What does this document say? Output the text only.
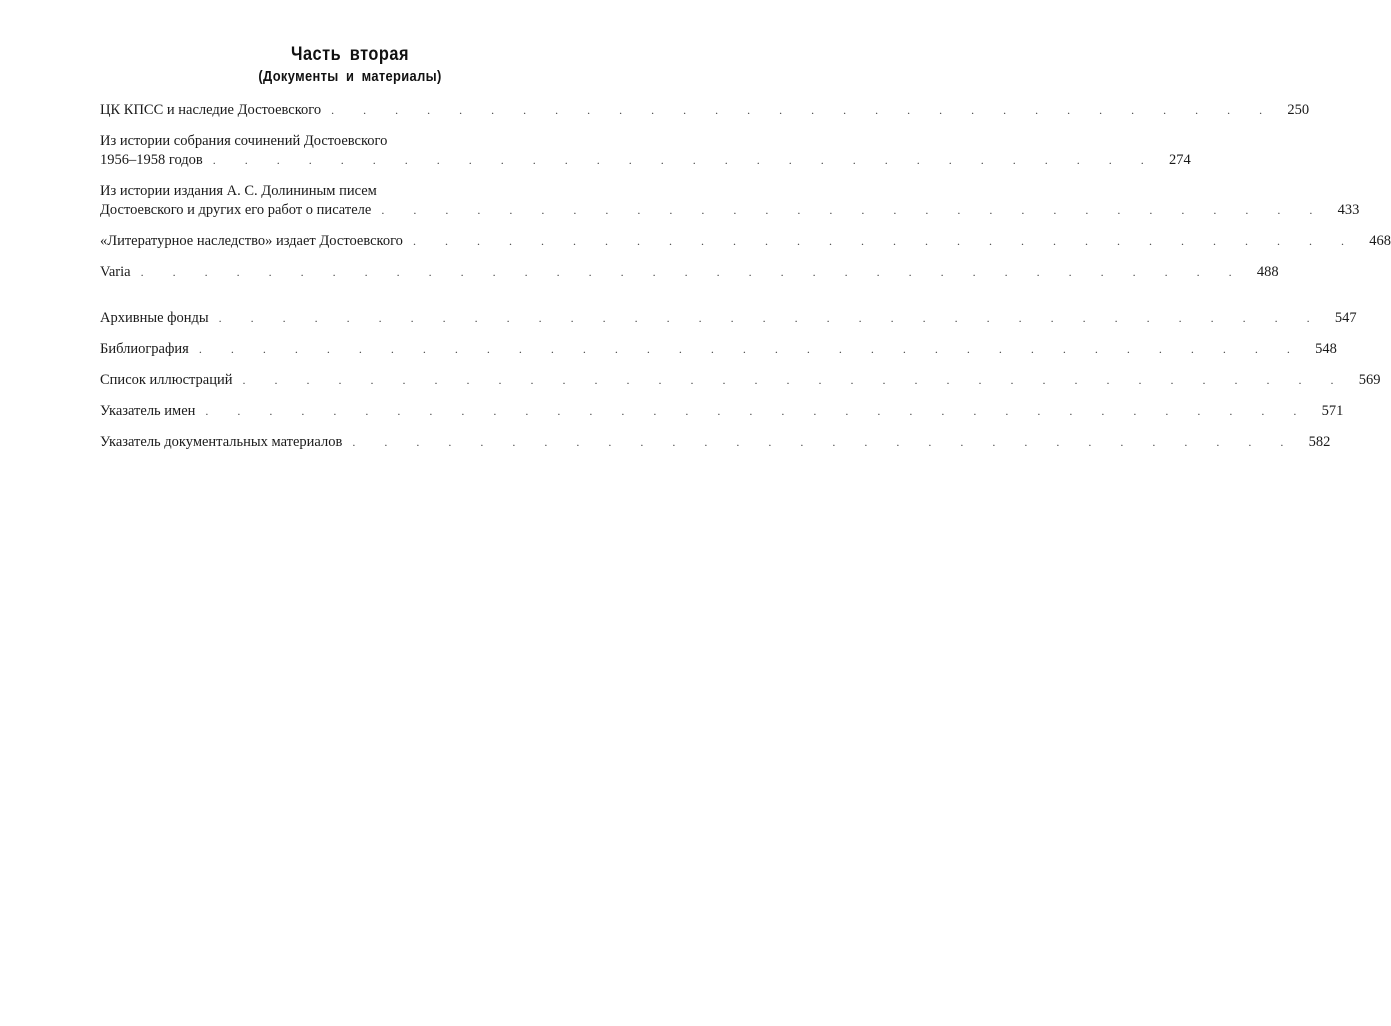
Часть вторая
(Документы и материалы)
ЦК КПСС и наследие Достоевского . . . . . . . . . . . . . . . . . . . . . . . . . . . . . . 250
Из истории собрания сочинений Достоевского
1956–1958 годов . . . . . . . . . . . . . . . . . . . . . . . . . . . . . . 274
Из истории издания А. С. Долининым писем
Достоевского и других его работ о писателе . . . . . . . . . . . . . . . . . . . . . . . . . . . . . . 433
«Литературное наследство» издает Достоевского . . . . . . . . . . . . . . . . . . . . . . . . . . . . . . 468
Varia . . . . . . . . . . . . . . . . . . . . . . . . . . . . . . . . . . . 488
Архивные фонды . . . . . . . . . . . . . . . . . . . . . . . . . . . . . . . . . . . 547
Библиография . . . . . . . . . . . . . . . . . . . . . . . . . . . . . . . . . . . 548
Список иллюстраций . . . . . . . . . . . . . . . . . . . . . . . . . . . . . . . . . . . 569
Указатель имен . . . . . . . . . . . . . . . . . . . . . . . . . . . . . . . . . . . 571
Указатель документальных материалов . . . . . . . . . . . . . . . . . . . . . . . . . . . . . . 582
